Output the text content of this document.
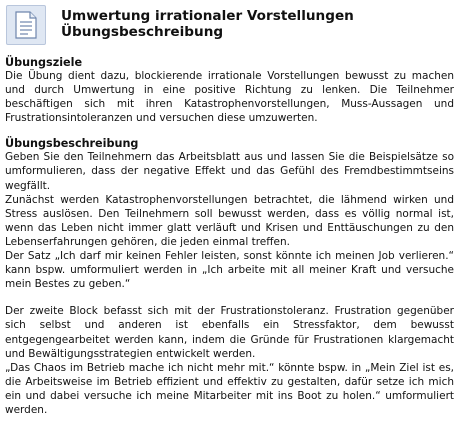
Umwertung irrationaler Vorstellungen
Übungsbeschreibung

Übungsziele

Die Übung dient dazu, blockierende irrationale Vorstellungen bewusst zu machen und durch Umwertung in eine positive Richtung zu lenken. Die Teilnehmer beschäftigen sich mit ihren Katastrophenvorstellungen, Muss-Aussagen und Frustrationsintoleranzen und versuchen diese umzuwerten.

Übungsbeschreibung

Geben Sie den Teilnehmern das Arbeitsblatt aus und lassen Sie die Beispielsätze so umformulieren, dass der negative Effekt und das Gefühl des Fremdbestimmtseins wegfällt.

Zunächst werden Katastrophenvorstellungen betrachtet, die lähmend wirken und Stress auslösen. Den Teilnehmern soll bewusst werden, dass es völlig normal ist, wenn das Leben nicht immer glatt verläuft und Krisen und Enttäuschungen zu den Lebenserfahrungen gehören, die jeden einmal treffen.

Der Satz „Ich darf mir keinen Fehler leisten, sonst könnte ich meinen Job verlieren.“ kann bspw. umformuliert werden in „Ich arbeite mit all meiner Kraft und versuche mein Bestes zu geben.“

Der zweite Block befasst sich mit der Frustrationstoleranz. Frustration gegenüber sich selbst und anderen ist ebenfalls ein Stressfaktor, dem bewusst entgegengearbeitet werden kann, indem die Gründe für Frustrationen klargemacht und Bewältigungsstrategien entwickelt werden.

„Das Chaos im Betrieb mache ich nicht mehr mit.“ könnte bspw. in „Mein Ziel ist es, die Arbeitsweise im Betrieb effizient und effektiv zu gestalten, dafür setze ich mich ein und dabei versuche ich meine Mitarbeiter mit ins Boot zu holen.“ umformuliert werden.
